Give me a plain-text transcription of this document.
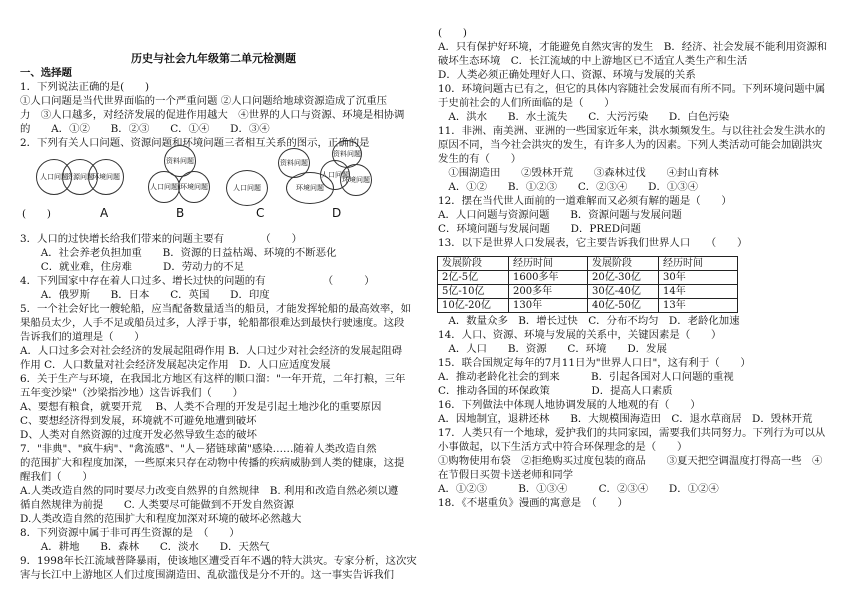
历史与社会九年级第二单元检测题
一、选择题
1．下列说法正确的是(　　)
①人口问题是当代世界面临的一个严重问题 ②人口问题给地球资源造成了沉重压
力　③人口越多，对经济发展的促进作用越大　④世界的人口与资源、环境是相协调
的　　A．①②　　B．②③　　C．①④　　D．③④
2．下列有关人口问题、资源问题和环境问题三者相互关系的图示，正确的是
3．人口的过快增长给我们带来的问题主要有　　　　（　　）
　　A．社会养老负担加重　　B．资源的日益枯竭、环境的不断恶化
　　C．就业难，住房难　　　D．劳动力的不足
4．下列国家中存在着人口过多、增长过快的问题的有　　　　　　（　　　）
　　A．俄罗斯　　B．日本　　C．英国　　D．印度
5．一个社会好比一艘轮船，应当配备数量适当的船员，才能发挥轮船的最高效率，如
果船员太少，人手不足或船员过多，人浮于事，轮船都很难达到最快行驶速度。这段
告诉我们的道理是（　　）
A．人口过多会对社会经济的发展起阻碍作用 B．人口过少对社会经济的发展起阻碍
作用 C．人口数量对社会经济发展起决定作用　D．人口应适度发展
6．关于生产与环境，在我国北方地区有这样的顺口溜："一年开荒，二年打粮，三年
五年变沙梁"（沙梁指沙地）这告诉我们（　　）
A、要想有粮食，就要开荒　 B、人类不合理的开发是引起土地沙化的重要原因
C、要想经济得到发展，环境就不可避免地遭到破坏
D、人类对自然资源的过度开发必然导致生态的破坏
7．"非典"、"疯牛病"、"禽流感"、"人－猪链球菌"感染……随着人类改造自然
的范围扩大和程度加深，一些原来只存在动物中传播的疾病威胁到人类的健康，这提
醒我们（　　）
A.人类改造自然的同时要尽力改变自然界的自然规律　B. 利用和改造自然必须以遵
循自然规律为前提　　C. 人类要尽可能做到不开发自然资源
D.人类改造自然的范围扩大和程度加深对环境的破坏必然越大
8．下列资源中属于非可再生资源的是　（　　）
　　A．耕地　　B．森林　　C．淡水　　D．天然气
9．1998年长江流域普降暴雨，使该地区遭受百年不遇的特大洪灾。专家分析，这次灾
害与长江中上游地区人们过度围湖造田、乱砍滥伐是分不开的。这一事实告诉我们
(　　)
A．只有保护好环境，才能避免自然灾害的发生　B．经济、社会发展不能利用资源和
破坏生态环境　C．长江流域的中上游地区已不适宜人类生产和生活
D．人类必须正确处理好人口、资源、环境与发展的关系
10．环境问题古已有之，但它的具体内容随社会发展而有所不同。下列环境问题中属
于史前社会的人们所面临的是（　　）
　A．洪水　　B．水土流失　　C．大污污染　　D．白色污染
11．非洲、南美洲、亚洲的一些国家近年来，洪水频频发生。与以往社会发生洪水的
原因不同，当今社会洪灾的发生，有许多人为的因素。下列人类活动可能会加剧洪灾
发生的有（　　）
　①围湖造田　　②毁林开荒　　③森林过伐　　④封山育林
　A．①②　　B．①②③　　C．②③④　　D．①③④
12．摆在当代世人面前的一道难解而又必须有解的题是（　　）
A．人口问题与资源问题　　B．资源问题与发展问题
C．环境问题与发展问题　　D．PRED问题
13．以下是世界人口发展表，它主要告诉我们世界人口　　（　　）
　A．数量众多　B．增长过快　C．分布不均匀　D．老龄化加速
14．人口、资源、环境与发展的关系中，关键因素是（　　）
　A．人口　　B．资源　　C．环境　　D．发展
15．联合国规定每年的7月11日为"世界人口日"，这有利于（　　）
A．推动老龄化社会的到来　　　B．引起各国对人口问题的重视
C．推动各国的环保政策　　　　D．提高人口素质
16．下列做法中体现人地协调发展的人地观的有（　　）
A．因地制宜，退耕还林　　B．大规模围海造田　C．退水草商居　D．毁林开荒
17．人类只有一个地球，爱护我们的共同家园，需要我们共同努力。下列行为可以从
小事做起，以下生活方式中符合环保理念的是（　　）
①购物使用布袋　②拒绝购买过度包装的商品　　③夏天把空调温度打得高一些　④
在节假日买贺卡送老师和同学
A．①②③　　　B．①③④　　　C．②③④　　D．①②④
18．《不堪重负》漫画的寓意是　（　　）
(　　)
人口问题
资源问题
环境问题
A
资料问题
人口问题 环境问题
B
资料问题
人口问题	环境问题
C
资料问题
人口问题
环境问题
D
发展阶段	经历时间	发展阶段	经历时间
2亿-5亿	1600多年	20亿-30亿	30年
5亿-10亿	200多年	30亿-40亿	14年
10亿-20亿	130年	40亿-50亿	13年
